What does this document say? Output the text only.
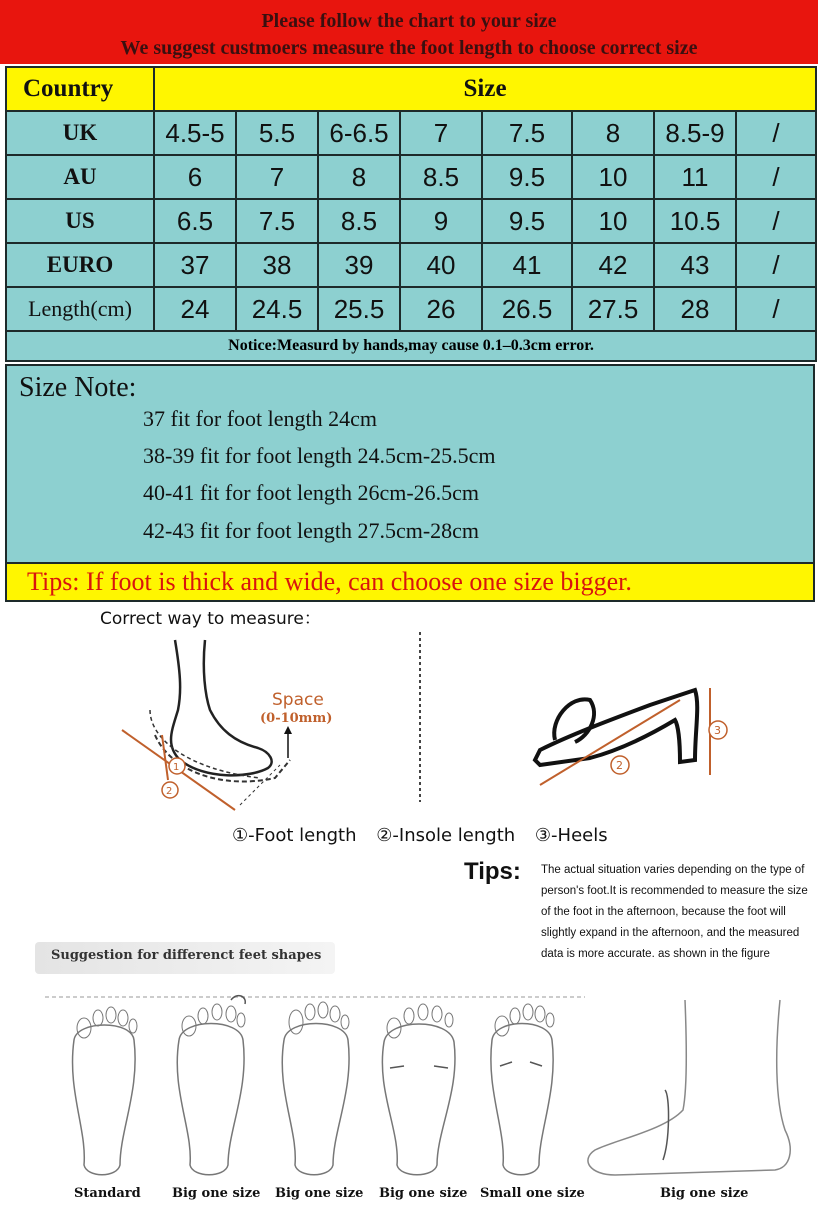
Please follow the chart to your size
We suggest custmoers measure the foot length to choose correct size
Country	Size							
UK	4.5-5	5.5	6-6.5	7	7.5	8	8.5-9	/
AU	6	7	8	8.5	9.5	10	11	/
US	6.5	7.5	8.5	9	9.5	10	10.5	/
EURO	37	38	39	40	41	42	43	/
Length(cm)	24	24.5	25.5	26	26.5	27.5	28	/
Notice:Measurd by hands,may cause 0.1–0.3cm error.								
Size Note:
37 fit for foot length 24cm
38-39 fit for foot length 24.5cm-25.5cm
40-41 fit for foot length 26cm-26.5cm
42-43 fit for foot length 27.5cm-28cm
Tips: If foot is thick and wide, can choose one size bigger.
Correct way to measure：
1
2
Space
(0-10mm)
2
3
①-Foot length ②-Insole length ③-Heels
Tips: The actual situation varies depending on the type of person's foot.It is recommended to measure the size of the foot in the afternoon, because the foot will slightly expand in the afternoon, and the measured data is more accurate. as shown in the figure
Suggestion for differenct feet shapes
Standard Big one size Big one size Big one size Small one size	Big one size
